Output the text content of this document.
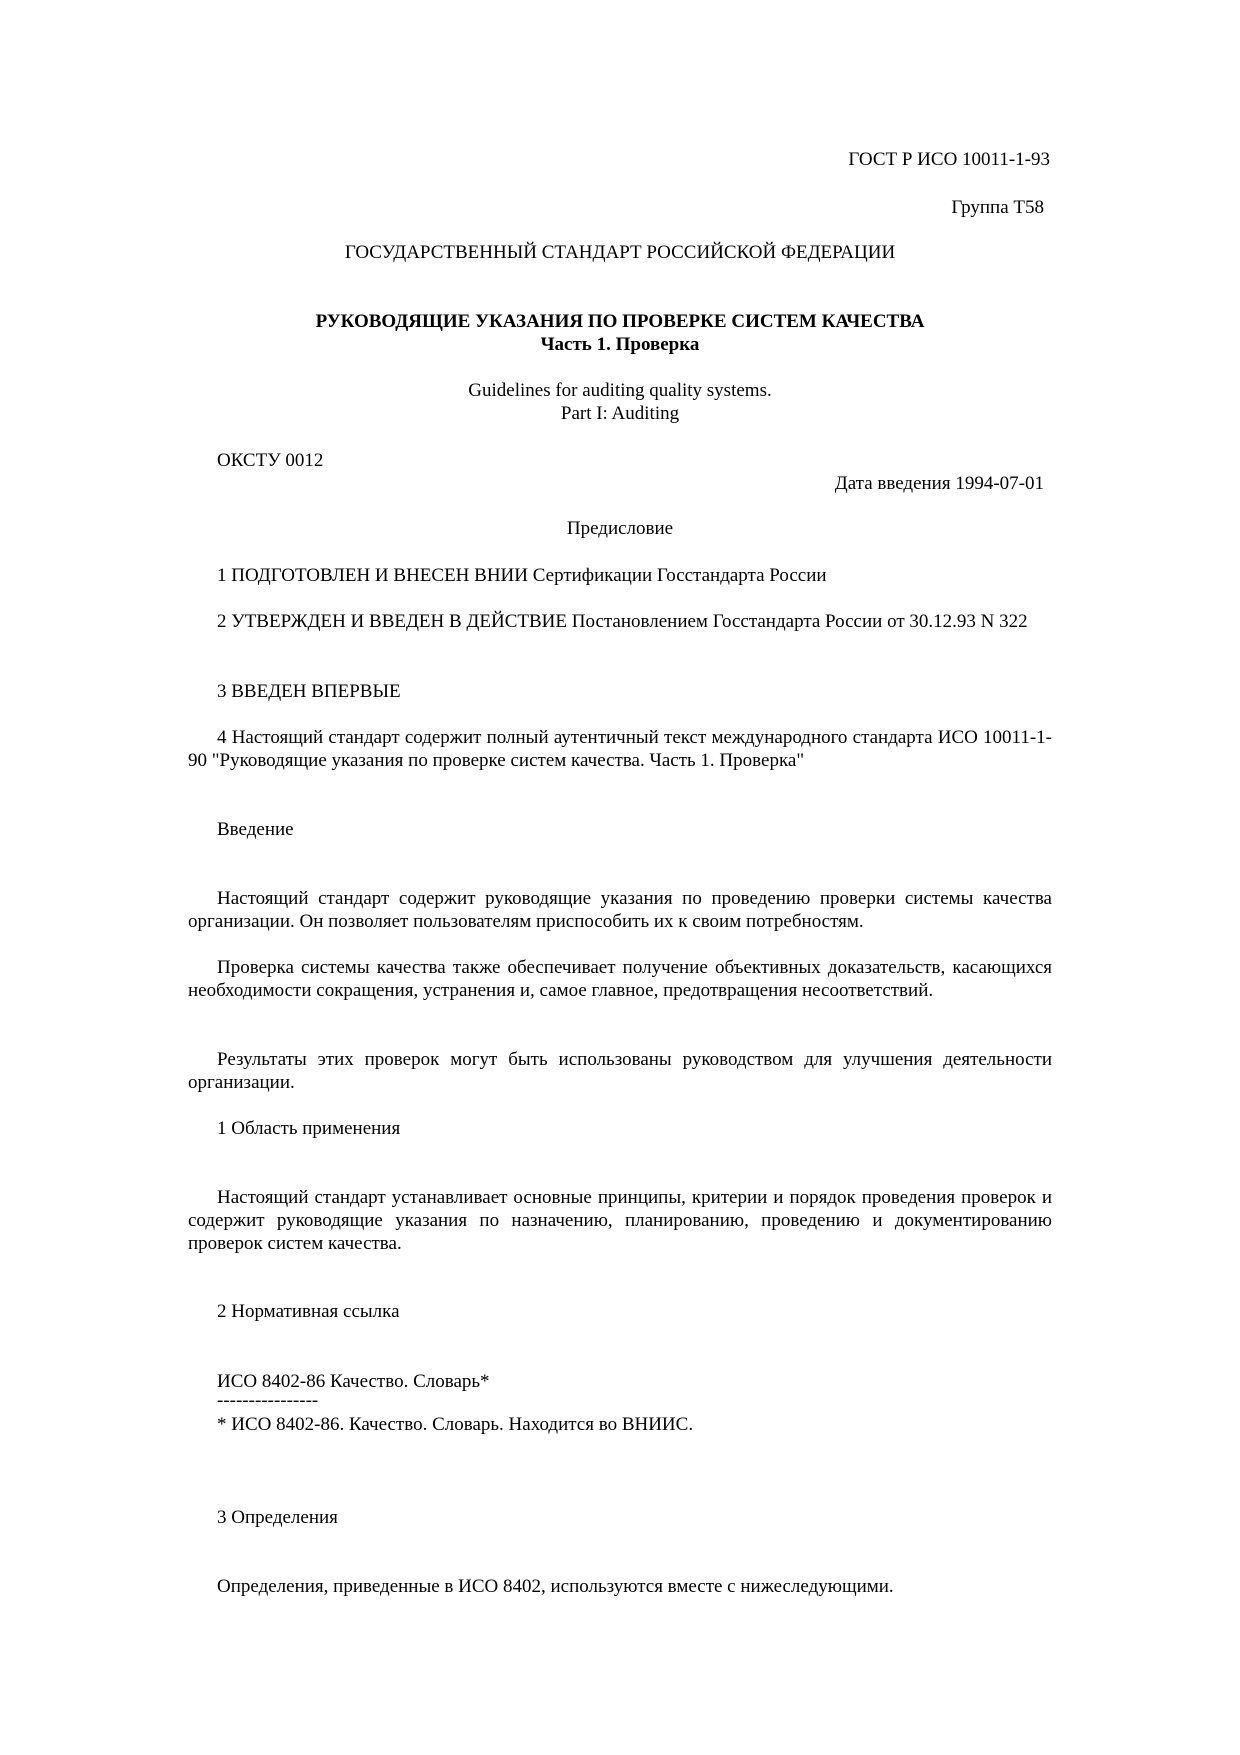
ГОСТ Р ИСО 10011-1-93
Группа Т58
ГОСУДАРСТВЕННЫЙ СТАНДАРТ РОССИЙСКОЙ ФЕДЕРАЦИИ
РУКОВОДЯЩИЕ УКАЗАНИЯ ПО ПРОВЕРКЕ СИСТЕМ КАЧЕСТВА
Часть 1. Проверка
Guidelines for auditing quality systems.
Part I: Auditing
ОКСТУ 0012
Дата введения 1994-07-01
Предисловие
1 ПОДГОТОВЛЕН И ВНЕСЕН ВНИИ Сертификации Госстандарта России
2 УТВЕРЖДЕН И ВВЕДЕН В ДЕЙСТВИЕ Постановлением Госстандарта России от 30.12.93 N 322
3 ВВЕДЕН ВПЕРВЫЕ
4 Настоящий стандарт содержит полный аутентичный текст международного стандарта ИСО 10011-1-90 "Руководящие указания по проверке систем качества. Часть 1. Проверка"
Введение
Настоящий стандарт содержит руководящие указания по проведению проверки системы качества организации. Он позволяет пользователям приспособить их к своим потребностям.
Проверка системы качества также обеспечивает получение объективных доказательств, касающихся необходимости сокращения, устранения и, самое главное, предотвращения несоответствий.
Результаты этих проверок могут быть использованы руководством для улучшения деятельности организации.
1 Область применения
Настоящий стандарт устанавливает основные принципы, критерии и порядок проведения проверок и содержит руководящие указания по назначению, планированию, проведению и документированию проверок систем качества.
2 Нормативная ссылка
ИСО 8402-86 Качество. Словарь*
----------------
* ИСО 8402-86. Качество. Словарь. Находится во ВНИИС.
3 Определения
Определения, приведенные в ИСО 8402, используются вместе с нижеследующими.
